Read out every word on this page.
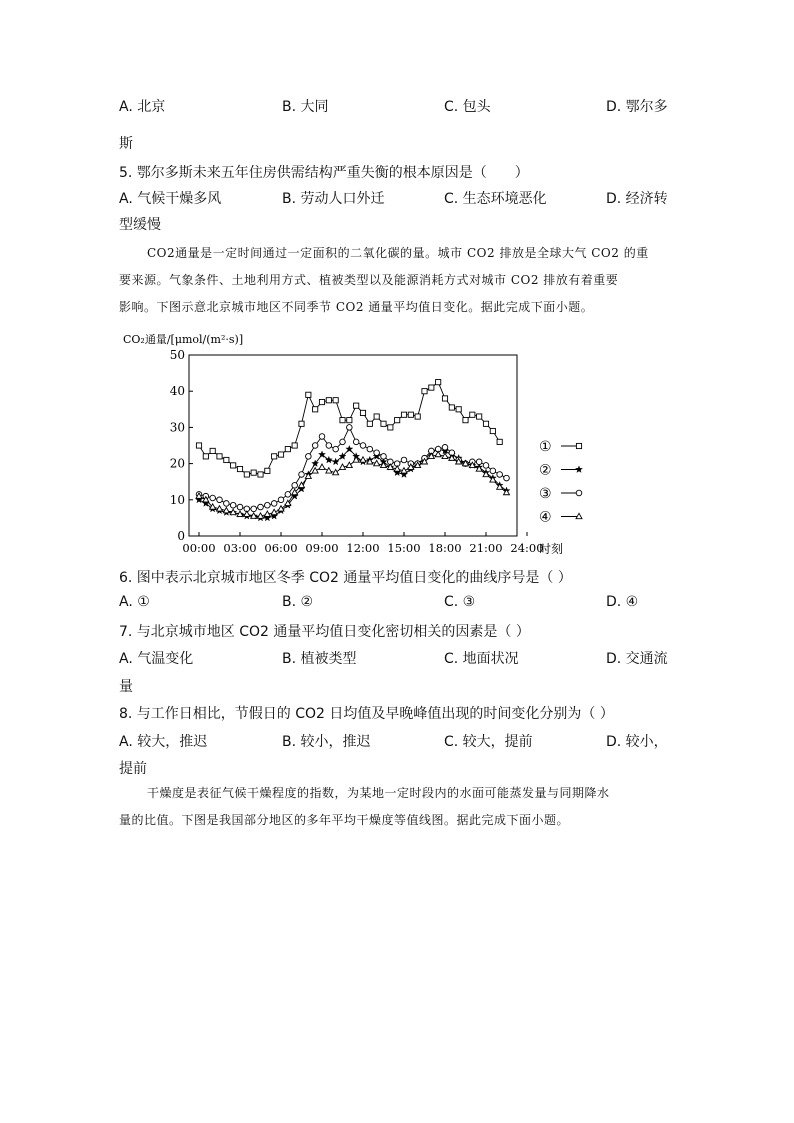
A. 北京	B. 大同	C. 包头	D. 鄂尔多
斯
5. 鄂尔多斯未来五年住房供需结构严重失衡的根本原因是（　　）
A. 气候干燥多风	B. 劳动人口外迁	C. 生态环境恶化	D. 经济转
型缓慢
CO2通量是一定时间通过一定面积的二氧化碳的量。城市 CO2 排放是全球大气 CO2 的重
要来源。气象条件、土地利用方式、植被类型以及能源消耗方式对城市 CO2 排放有着重要
影响。下图示意北京城市地区不同季节 CO2 通量平均值日变化。据此完成下面小题。
CO₂通量/[μmol/(m²·s)]
0
10
20
30
40
50
00:00 03:00 06:00 09:00 12:00 15:00 18:00 21:00 24:00
时刻
①
②
③
④
6. 图中表示北京城市地区冬季 CO2 通量平均值日变化的曲线序号是（ ）
A. ①	B. ②	C. ③	D. ④
7. 与北京城市地区 CO2 通量平均值日变化密切相关的因素是（ ）
A. 气温变化	B. 植被类型	C. 地面状况	D. 交通流
量
8. 与工作日相比，节假日的 CO2 日均值及早晚峰值出现的时间变化分别为（ ）
A. 较大，推迟	B. 较小，推迟	C. 较大，提前	D. 较小，
提前
干燥度是表征气候干燥程度的指数，为某地一定时段内的水面可能蒸发量与同期降水
量的比值。下图是我国部分地区的多年平均干燥度等值线图。据此完成下面小题。
